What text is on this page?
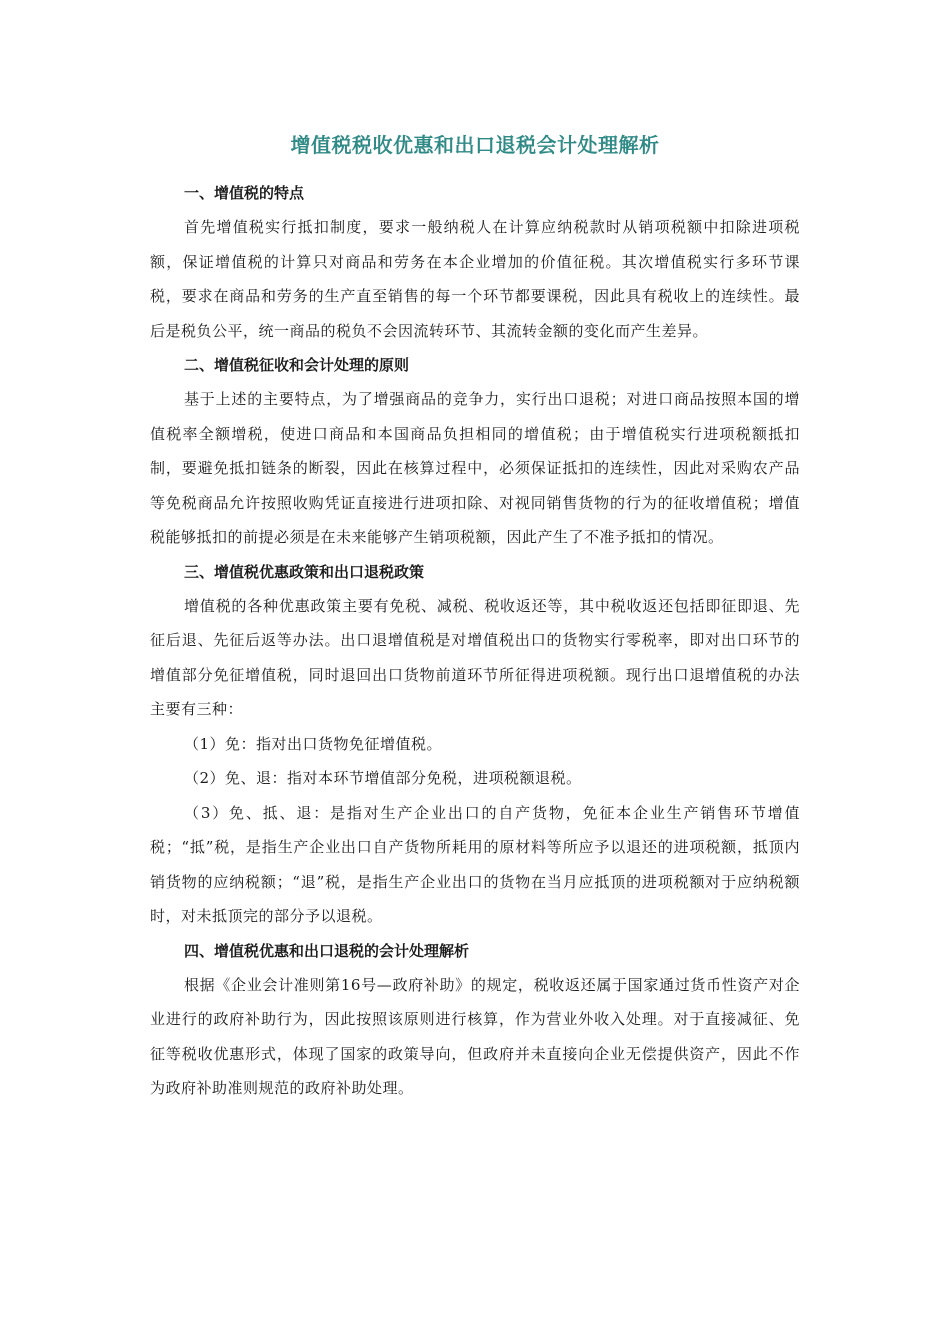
增值税税收优惠和出口退税会计处理解析
一、增值税的特点

首先增值税实行抵扣制度，要求一般纳税人在计算应纳税款时从销项税额中扣除进项税额，保证增值税的计算只对商品和劳务在本企业增加的价值征税。其次增值税实行多环节课税，要求在商品和劳务的生产直至销售的每一个环节都要课税，因此具有税收上的连续性。最后是税负公平，统一商品的税负不会因流转环节、其流转金额的变化而产生差异。

二、增值税征收和会计处理的原则

基于上述的主要特点，为了增强商品的竞争力，实行出口退税；对进口商品按照本国的增值税率全额增税，使进口商品和本国商品负担相同的增值税；由于增值税实行进项税额抵扣制，要避免抵扣链条的断裂，因此在核算过程中，必须保证抵扣的连续性，因此对采购农产品等免税商品允许按照收购凭证直接进行进项扣除、对视同销售货物的行为的征收增值税；增值税能够抵扣的前提必须是在未来能够产生销项税额，因此产生了不准予抵扣的情况。

三、增值税优惠政策和出口退税政策

增值税的各种优惠政策主要有免税、减税、税收返还等，其中税收返还包括即征即退、先征后退、先征后返等办法。出口退增值税是对增值税出口的货物实行零税率，即对出口环节的增值部分免征增值税，同时退回出口货物前道环节所征得进项税额。现行出口退增值税的办法主要有三种：

（1）免：指对出口货物免征增值税。

（2）免、退：指对本环节增值部分免税，进项税额退税。

（3）免、抵、退：是指对生产企业出口的自产货物，免征本企业生产销售环节增值税；“抵”税，是指生产企业出口自产货物所耗用的原材料等所应予以退还的进项税额，抵顶内销货物的应纳税额；“退”税，是指生产企业出口的货物在当月应抵顶的进项税额对于应纳税额时，对未抵顶完的部分予以退税。

四、增值税优惠和出口退税的会计处理解析

根据《企业会计准则第16号—政府补助》的规定，税收返还属于国家通过货币性资产对企业进行的政府补助行为，因此按照该原则进行核算，作为营业外收入处理。对于直接减征、免征等税收优惠形式，体现了国家的政策导向，但政府并未直接向企业无偿提供资产，因此不作为政府补助准则规范的政府补助处理。
